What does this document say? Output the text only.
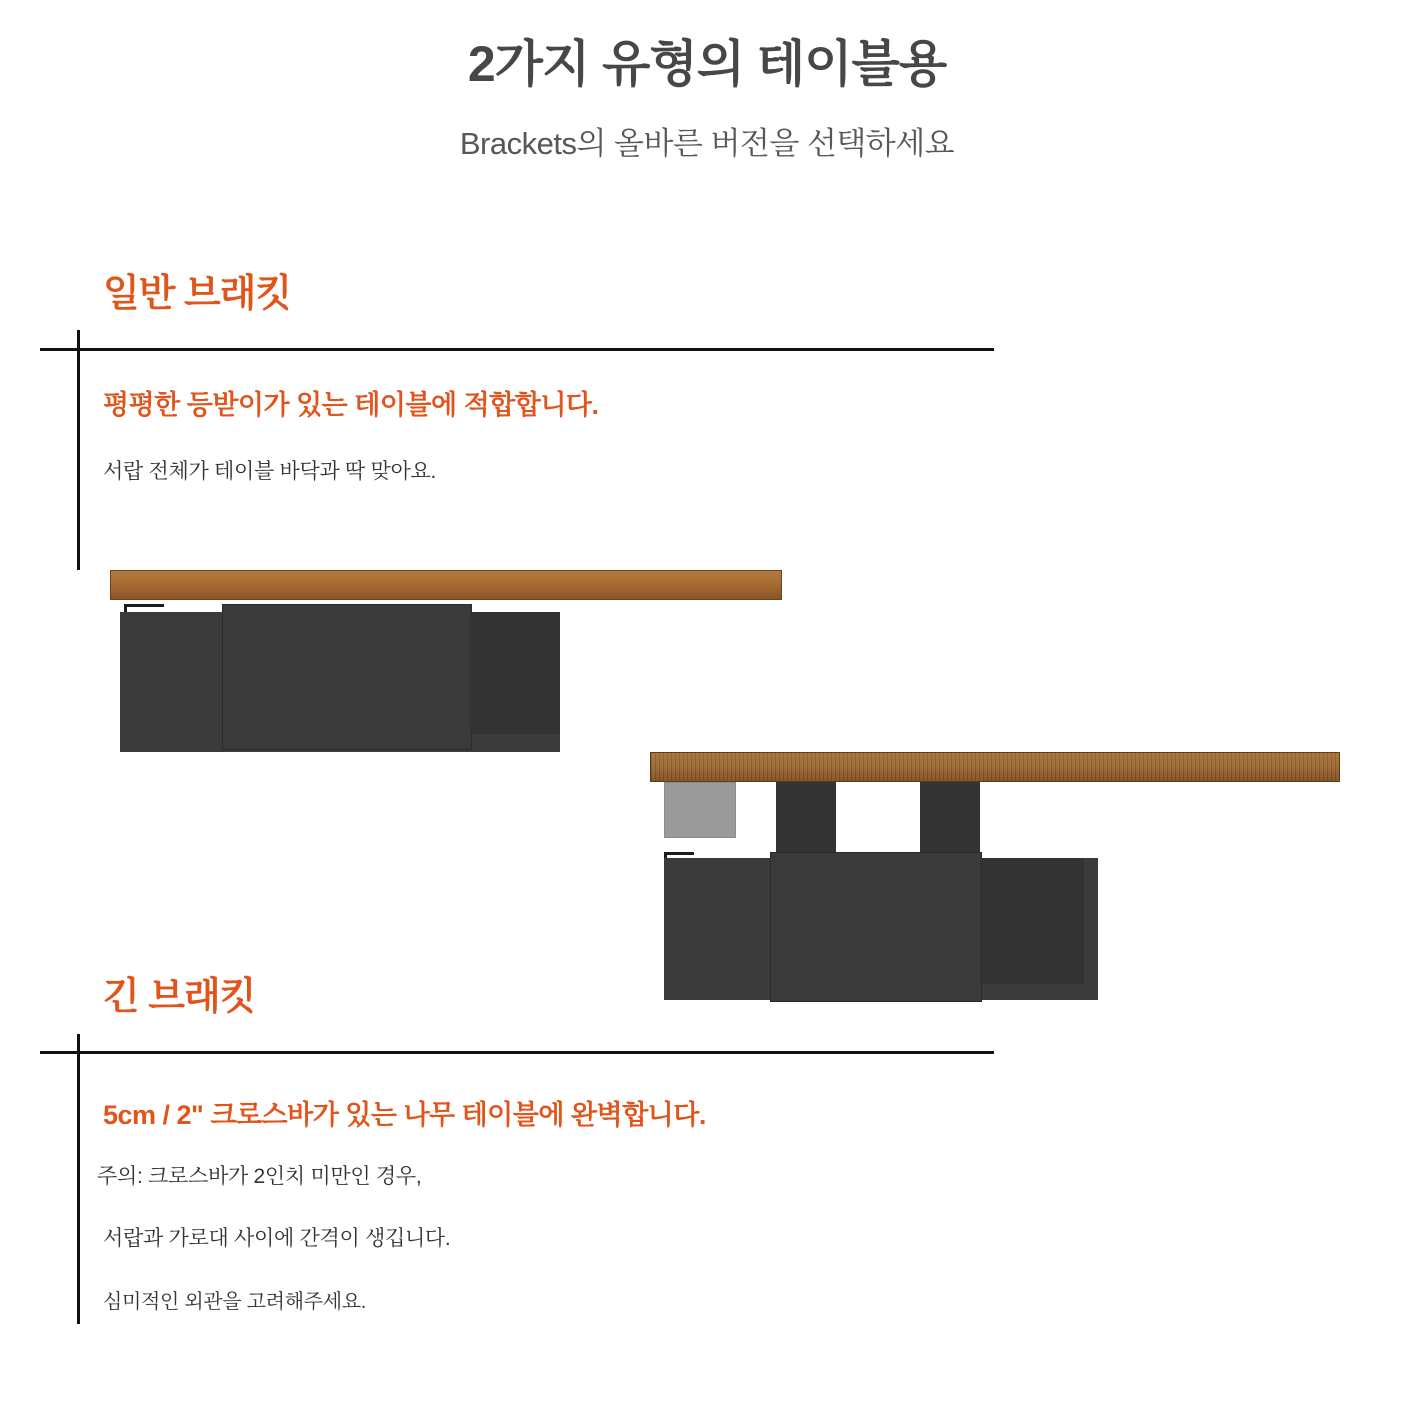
2가지 유형의 테이블용
Brackets의 올바른 버전을 선택하세요
일반 브래킷
평평한 등받이가 있는 테이블에 적합합니다.
서랍 전체가 테이블 바닥과 딱 맞아요.
긴 브래킷
5cm / 2" 크로스바가 있는 나무 테이블에 완벽합니다.
주의: 크로스바가 2인치 미만인 경우,
서랍과 가로대 사이에 간격이 생깁니다.
심미적인 외관을 고려해주세요.
